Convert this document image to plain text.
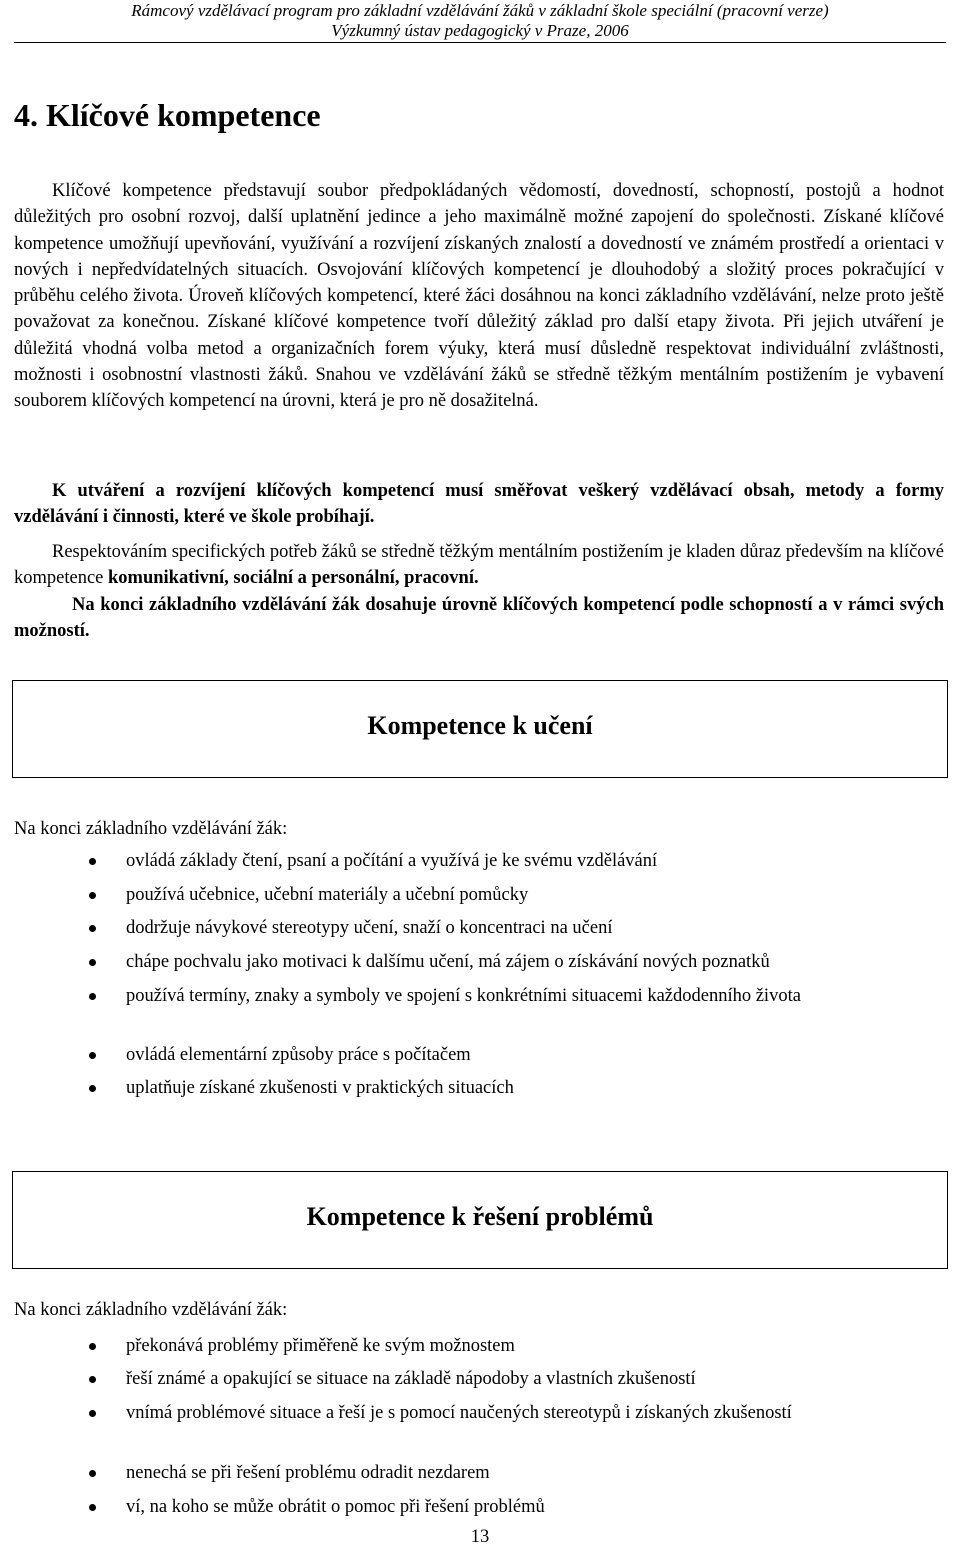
Rámcový vzdělávací program pro základní vzdělávání žáků v základní škole speciální (pracovní verze)
Výzkumný ústav pedagogický v Praze, 2006
4. Klíčové kompetence

Klíčové kompetence představují soubor předpokládaných vědomostí, dovedností, schopností, postojů a hodnot důležitých pro osobní rozvoj, další uplatnění jedince a jeho maximálně možné zapojení do společnosti. Získané klíčové kompetence umožňují upevňování, využívání a rozvíjení získaných znalostí a dovedností ve známém prostředí a orientaci v nových i nepředvídatelných situacích. Osvojování klíčových kompetencí je dlouhodobý a složitý proces pokračující v průběhu celého života. Úroveň klíčových kompetencí, které žáci dosáhnou na konci základního vzdělávání, nelze proto ještě považovat za konečnou. Získané klíčové kompetence tvoří důležitý základ pro další etapy života. Při jejich utváření je důležitá vhodná volba metod a organizačních forem výuky, která musí důsledně respektovat individuální zvláštnosti, možnosti i osobnostní vlastnosti žáků. Snahou ve vzdělávání žáků se středně těžkým mentálním postižením je vybavení souborem klíčových kompetencí na úrovni, která je pro ně dosažitelná.

K utváření a rozvíjení klíčových kompetencí musí směřovat veškerý vzdělávací obsah, metody a formy vzdělávání i činnosti, které ve škole probíhají.

Respektováním specifických potřeb žáků se středně těžkým mentálním postižením je kladen důraz především na klíčové kompetence komunikativní, sociální a personální, pracovní.
Na konci základního vzdělávání žák dosahuje úrovně klíčových kompetencí podle schopností a v rámci svých možností.

Kompetence k učení

Na konci základního vzdělávání žák:

ovládá základy čtení, psaní a počítání a využívá je ke svému vzdělávání
používá učebnice, učební materiály a učební pomůcky
dodržuje návykové stereotypy učení, snaží o koncentraci na učení
chápe pochvalu jako motivaci k dalšímu učení, má zájem o získávání nových poznatků
používá termíny, znaky a symboly ve spojení s konkrétními situacemi každodenního života
ovládá elementární způsoby práce s počítačem
uplatňuje získané zkušenosti v praktických situacích
Kompetence k řešení problémů

Na konci základního vzdělávání žák:

překonává problémy přiměřeně ke svým možnostem
řeší známé a opakující se situace na základě nápodoby a vlastních zkušeností
vnímá problémové situace a řeší je s pomocí naučených stereotypů i získaných zkušeností
nenechá se při řešení problému odradit nezdarem
ví, na koho se může obrátit o pomoc při řešení problémů
13
